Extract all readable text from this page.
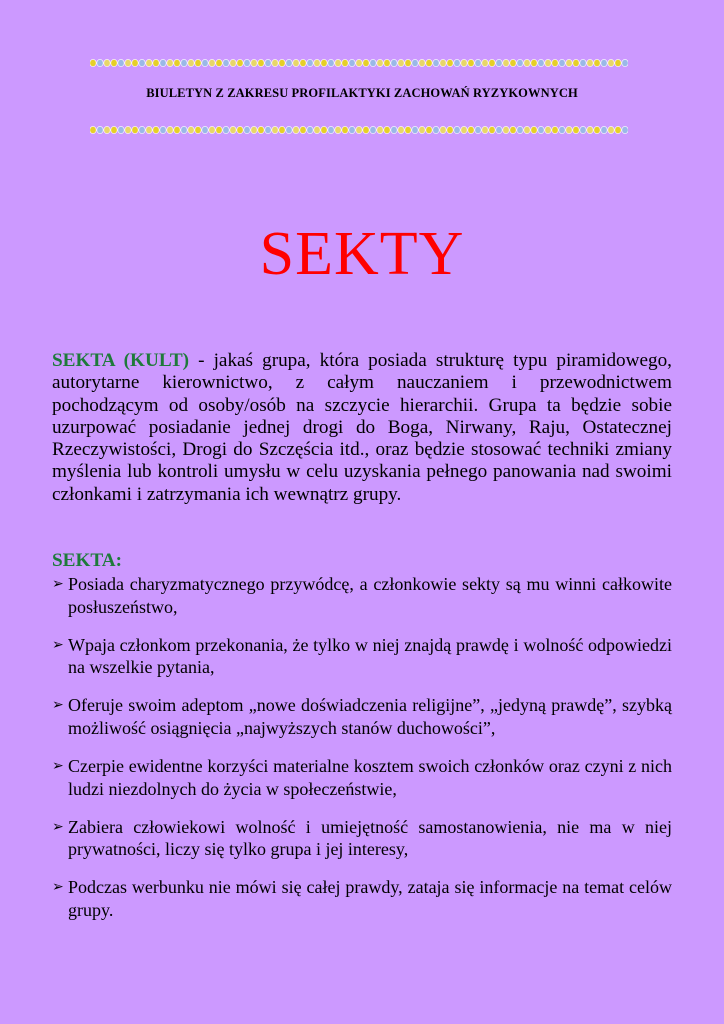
BIULETYN Z ZAKRESU PROFILAKTYKI ZACHOWAŃ RYZYKOWNYCH
SEKTY

SEKTA (KULT) - jakaś grupa, która posiada strukturę typu piramidowego, autorytarne kierownictwo, z całym nauczaniem i przewodnictwem pochodzącym od osoby/osób na szczycie hierarchii. Grupa ta będzie sobie uzurpować posiadanie jednej drogi do Boga, Nirwany, Raju, Ostatecznej Rzeczywistości, Drogi do Szczęścia itd., oraz będzie stosować techniki zmiany myślenia lub kontroli umysłu w celu uzyskania pełnego panowania nad swoimi członkami i zatrzymania ich wewnątrz grupy.

SEKTA:
➢ Posiada charyzmatycznego przywódcę, a członkowie sekty są mu winni całkowite posłuszeństwo,
➢ Wpaja członkom przekonania, że tylko w niej znajdą prawdę i wolność odpowiedzi na wszelkie pytania,
➢ Oferuje swoim adeptom „nowe doświadczenia religijne”, „jedyną prawdę”, szybką możliwość osiągnięcia „najwyższych stanów duchowości”,
➢ Czerpie ewidentne korzyści materialne kosztem swoich członków oraz czyni z nich ludzi niezdolnych do życia w społeczeństwie,
➢ Zabiera człowiekowi wolność i umiejętność samostanowienia, nie ma w niej prywatności, liczy się tylko grupa i jej interesy,
➢ Podczas werbunku nie mówi się całej prawdy, zataja się informacje na temat celów grupy.
